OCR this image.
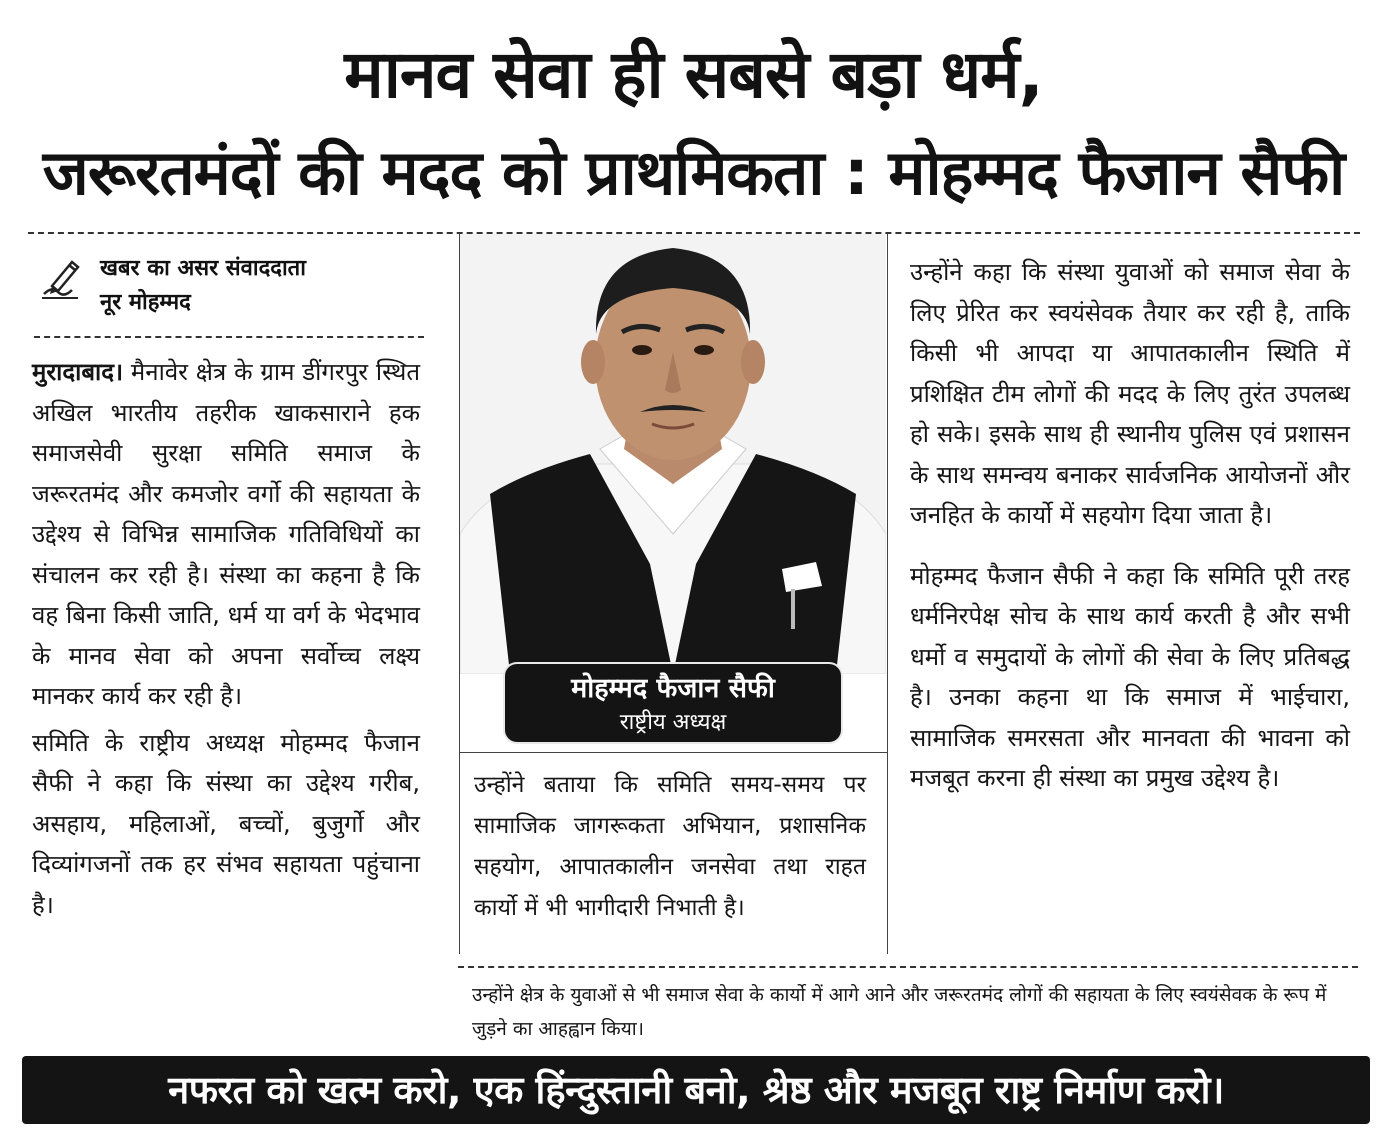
मानव सेवा ही सबसे बड़ा धर्म,
जरूरतमंदों की मदद को प्राथमिकता : मोहम्मद फैजान सैफी
खबर का असर संवाददाता
नूर मोहम्मद

मुरादाबाद। मैनावेर क्षेत्र के ग्राम डींगरपुर स्थित अखिल भारतीय तहरीक खाकसाराने हक समाजसेवी सुरक्षा समिति समाज के जरूरतमंद और कमजोर वर्गो की सहायता के उद्देश्य से विभिन्न सामाजिक गतिविधियों का संचालन कर रही है। संस्था का कहना है कि वह बिना किसी जाति, धर्म या वर्ग के भेदभाव के मानव सेवा को अपना सर्वोच्च लक्ष्य मानकर कार्य कर रही है।

समिति के राष्ट्रीय अध्यक्ष मोहम्मद फैजान सैफी ने कहा कि संस्था का उद्देश्य गरीब, असहाय, महिलाओं, बच्चों, बुजुर्गो और दिव्यांगजनों तक हर संभव सहायता पहुंचाना है।

मोहम्मद फैजान सैफी
राष्ट्रीय अध्यक्ष

उन्होंने बताया कि समिति समय-समय पर सामाजिक जागरूकता अभियान, प्रशासनिक सहयोग, आपातकालीन जनसेवा तथा राहत कार्यो में भी भागीदारी निभाती है।

उन्होंने कहा कि संस्था युवाओं को समाज सेवा के लिए प्रेरित कर स्वयंसेवक तैयार कर रही है, ताकि किसी भी आपदा या आपातकालीन स्थिति में प्रशिक्षित टीम लोगों की मदद के लिए तुरंत उपलब्ध हो सके। इसके साथ ही स्थानीय पुलिस एवं प्रशासन के साथ समन्वय बनाकर सार्वजनिक आयोजनों और जनहित के कार्यो में सहयोग दिया जाता है।

मोहम्मद फैजान सैफी ने कहा कि समिति पूरी तरह धर्मनिरपेक्ष सोच के साथ कार्य करती है और सभी धर्मो व समुदायों के लोगों की सेवा के लिए प्रतिबद्ध है। उनका कहना था कि समाज में भाईचारा, सामाजिक समरसता और मानवता की भावना को मजबूत करना ही संस्था का प्रमुख उद्देश्य है।

उन्होंने क्षेत्र के युवाओं से भी समाज सेवा के कार्यो में आगे आने और जरूरतमंद लोगों की सहायता के लिए स्वयंसेवक के रूप में जुड़ने का आहह्वान किया।
नफरत को खत्म करो, एक हिंन्दुस्तानी बनो, श्रेष्ठ और मजबूत राष्ट्र निर्माण करो।
